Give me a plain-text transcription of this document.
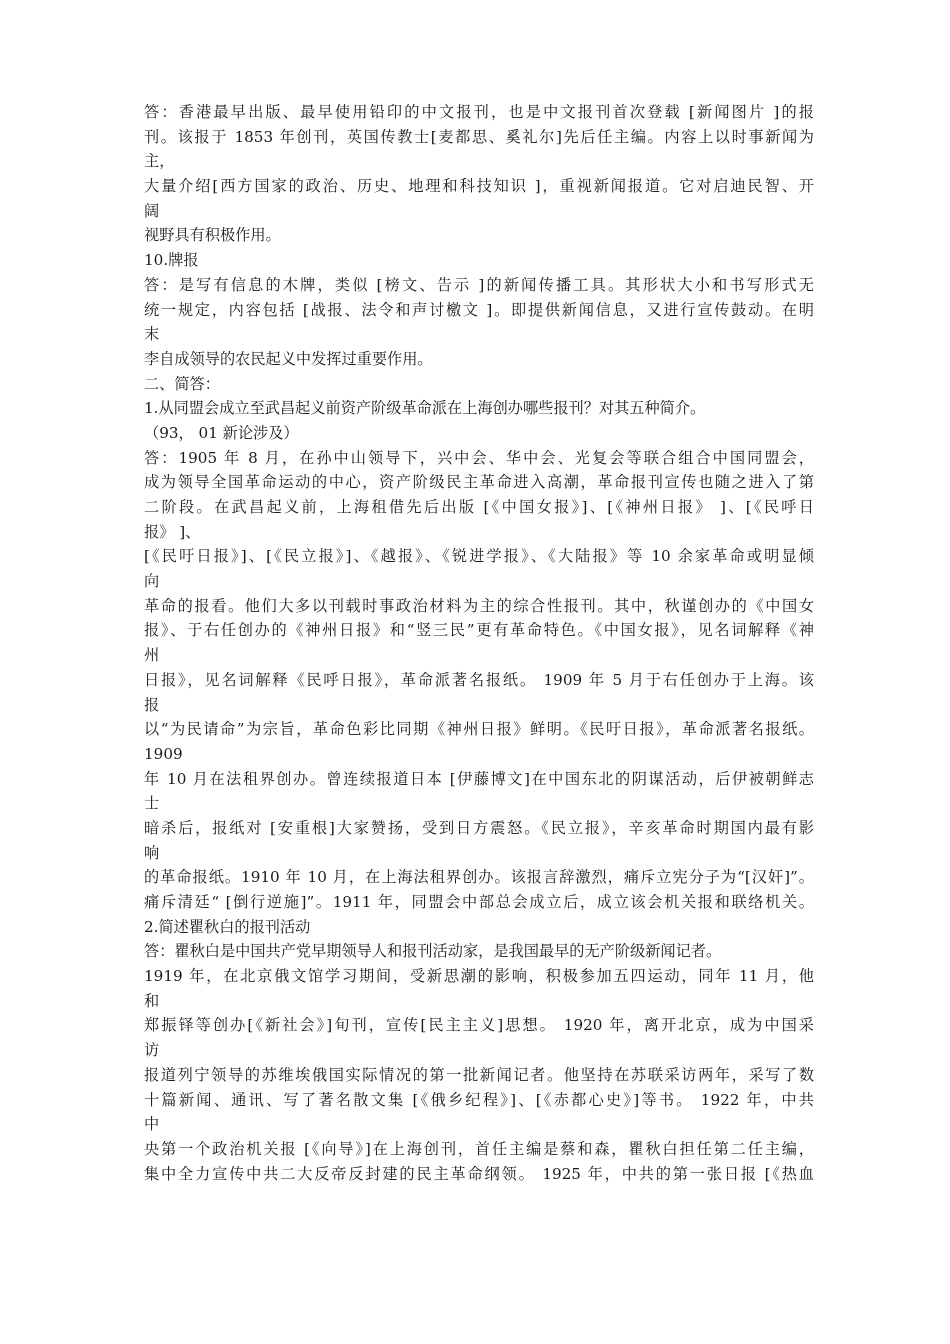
答：香港最早出版、最早使用铅印的中文报刊，也是中文报刊首次登载 [新闻图片 ]的报
刊。该报于 1853 年创刊，英国传教士[麦都思、奚礼尔]先后任主编。内容上以时事新闻为
主，
大量介绍[西方国家的政治、历史、地理和科技知识 ]，重视新闻报道。它对启迪民智、开
阔
视野具有积极作用。
10.牌报
答：是写有信息的木牌，类似 [榜文、告示 ]的新闻传播工具。其形状大小和书写形式无
统一规定，内容包括 [战报、法令和声讨檄文 ]。即提供新闻信息，又进行宣传鼓动。在明
末
李自成领导的农民起义中发挥过重要作用。
二、简答：
1.从同盟会成立至武昌起义前资产阶级革命派在上海创办哪些报刊？对其五种简介。
（93， 01 新论涉及）
答：1905 年 8 月，在孙中山领导下，兴中会、华中会、光复会等联合组合中国同盟会，
成为领导全国革命运动的中心，资产阶级民主革命进入高潮，革命报刊宣传也随之进入了第
二阶段。在武昌起义前，上海租借先后出版 [《中国女报》]、[《神州日报》 ]、[《民呼日
报》 ]、
[《民吁日报》]、[《民立报》]、《越报》、《锐进学报》、《大陆报》等 10 余家革命或明显倾
向
革命的报看。他们大多以刊载时事政治材料为主的综合性报刊。其中，秋谨创办的《中国女
报》、于右任创办的《神州日报》和“竖三民”更有革命特色。《中国女报》，见名词解释《神
州
日报》，见名词解释《民呼日报》，革命派著名报纸。 1909 年 5 月于右任创办于上海。该
报
以“为民请命”为宗旨，革命色彩比同期《神州日报》鲜明。《民吁日报》，革命派著名报纸。
1909
年 10 月在法租界创办。曾连续报道日本 [伊藤博文]在中国东北的阴谋活动，后伊被朝鲜志
士
暗杀后，报纸对 [安重根]大家赞扬，受到日方震怒。《民立报》，辛亥革命时期国内最有影
响
的革命报纸。1910 年 10 月，在上海法租界创办。该报言辞激烈，痛斥立宪分子为“[汉奸]”。
痛斥清廷“ [倒行逆施]”。1911 年，同盟会中部总会成立后，成立该会机关报和联络机关。
2.简述瞿秋白的报刊活动
答：瞿秋白是中国共产党早期领导人和报刊活动家，是我国最早的无产阶级新闻记者。
1919 年，在北京俄文馆学习期间，受新思潮的影响，积极参加五四运动，同年 11 月，他
和
郑振铎等创办[《新社会》]旬刊，宣传[民主主义]思想。 1920 年，离开北京，成为中国采
访
报道列宁领导的苏维埃俄国实际情况的第一批新闻记者。他坚持在苏联采访两年，采写了数
十篇新闻、通讯、写了著名散文集 [《俄乡纪程》]、[《赤都心史》]等书。 1922 年，中共
中
央第一个政治机关报 [《向导》]在上海创刊，首任主编是蔡和森，瞿秋白担任第二任主编，
集中全力宣传中共二大反帝反封建的民主革命纲领。 1925 年，中共的第一张日报 [《热血
